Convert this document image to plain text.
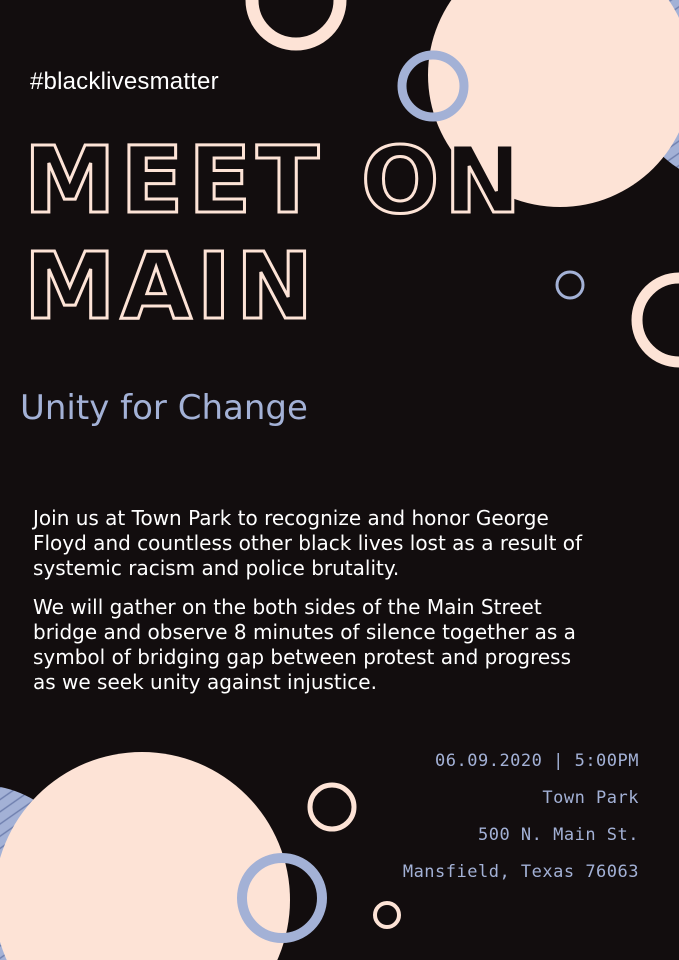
#blacklivesmatter
MEET ON
MAIN
Unity for Change

Join us at Town Park to recognize and honor George Floyd and countless other black lives lost as a result of systemic racism and police brutality.

We will gather on the both sides of the Main Street bridge and observe 8 minutes of silence together as a symbol of bridging gap between protest and progress as we seek unity against injustice.

06.09.2020 | 5:00PM
Town Park
500 N. Main St.
Mansfield, Texas 76063
